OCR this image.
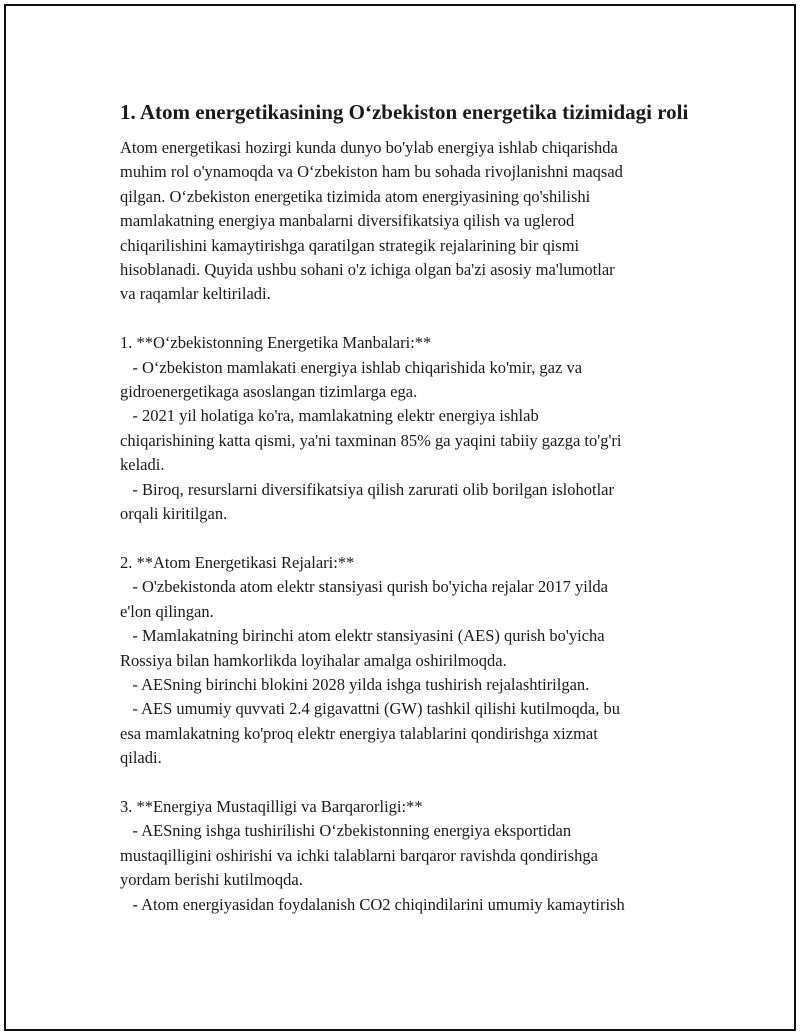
1. Atom energetikasining O‘zbekiston energetika tizimidagi roli
Atom energetikasi hozirgi kunda dunyo bo'ylab energiya ishlab chiqarishda
muhim rol o'ynamoqda va O‘zbekiston ham bu sohada rivojlanishni maqsad
qilgan. O‘zbekiston energetika tizimida atom energiyasining qo'shilishi
mamlakatning energiya manbalarni diversifikatsiya qilish va uglerod
chiqarilishini kamaytirishga qaratilgan strategik rejalarining bir qismi
hisoblanadi. Quyida ushbu sohani o'z ichiga olgan ba'zi asosiy ma'lumotlar
va raqamlar keltiriladi.
1. **O‘zbekistonning Energetika Manbalari:**
- O‘zbekiston mamlakati energiya ishlab chiqarishida ko'mir, gaz va
gidroenergetikaga asoslangan tizimlarga ega.
- 2021 yil holatiga ko'ra, mamlakatning elektr energiya ishlab
chiqarishining katta qismi, ya'ni taxminan 85% ga yaqini tabiiy gazga to'g'ri
keladi.
- Biroq, resurslarni diversifikatsiya qilish zarurati olib borilgan islohotlar
orqali kiritilgan.
2. **Atom Energetikasi Rejalari:**
- O'zbekistonda atom elektr stansiyasi qurish bo'yicha rejalar 2017 yilda
e'lon qilingan.
- Mamlakatning birinchi atom elektr stansiyasini (AES) qurish bo'yicha
Rossiya bilan hamkorlikda loyihalar amalga oshirilmoqda.
- AESning birinchi blokini 2028 yilda ishga tushirish rejalashtirilgan.
- AES umumiy quvvati 2.4 gigavattni (GW) tashkil qilishi kutilmoqda, bu
esa mamlakatning ko'proq elektr energiya talablarini qondirishga xizmat
qiladi.
3. **Energiya Mustaqilligi va Barqarorligi:**
- AESning ishga tushirilishi O‘zbekistonning energiya eksportidan
mustaqilligini oshirishi va ichki talablarni barqaror ravishda qondirishga
yordam berishi kutilmoqda.
- Atom energiyasidan foydalanish CO2 chiqindilarini umumiy kamaytirish
